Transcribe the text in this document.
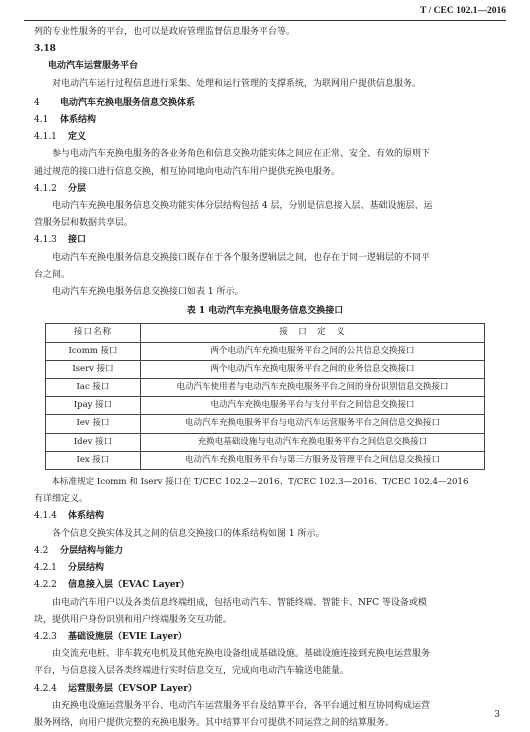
T / CEC 102.1—2016

列的专业性服务的平台，也可以是政府管理监督信息服务平台等。

3.18

电动汽车运营服务平台

对电动汽车运行过程信息进行采集、处理和运行管理的支撑系统，为联网用户提供信息服务。

4 电动汽车充换电服务信息交换体系

4.1 体系结构

4.1.1 定义

参与电动汽车充换电服务的各业务角色和信息交换功能实体之间应在正常、安全、有效的原则下

通过规范的接口进行信息交换，相互协同地向电动汽车用户提供充换电服务。

4.1.2 分层

电动汽车充换电服务信息交换功能实体分层结构包括 4 层，分别是信息接入层、基础设施层、运

营服务层和数据共享层。

4.1.3 接口

电动汽车充换电服务信息交换接口既存在于各个服务逻辑层之间，也存在于同一逻辑层的不同平

台之间。

电动汽车充换电服务信息交换接口如表 1 所示。

表 1 电动汽车充换电服务信息交换接口

接口名称	接　口　定　义
Icomm 接口	两个电动汽车充换电服务平台之间的公共信息交换接口
Iserv 接口	两个电动汽车充换电服务平台之间的业务信息交换接口
Iac 接口	电动汽车使用者与电动汽车充换电服务平台之间的身份识别信息交换接口
Ipay 接口	电动汽车充换电服务平台与支付平台之间信息交换接口
Iev 接口	电动汽车充换电服务平台与电动汽车运营服务平台之间信息交换接口
Idev 接口	充换电基础设施与电动汽车充换电服务平台之间信息交换接口
Iex 接口	电动汽车充换电服务平台与第三方服务及管理平台之间信息交换接口

本标准规定 Icomm 和 Iserv 接口在 T/CEC 102.2—2016、T/CEC 102.3—2016、T/CEC 102.4—2016

有详细定义。

4.1.4 体系结构

各个信息交换实体及其之间的信息交换接口的体系结构如图 1 所示。

4.2 分层结构与能力

4.2.1 分层结构

4.2.2 信息接入层（EVAC Layer）

由电动汽车用户以及各类信息终端组成，包括电动汽车、智能终端、智能卡、NFC 等设备或模

块，提供用户身份识别和用户终端服务交互功能。

4.2.3 基础设施层（EVIE Layer）

由交流充电桩、非车载充电机及其他充换电设备组成基础设施。基础设施连接到充换电运营服务

平台，与信息接入层各类终端进行实时信息交互，完成向电动汽车输送电能量。

4.2.4 运营服务层（EVSOP Layer）

由充换电设施运营服务平台、电动汽车运营服务平台及结算平台，各平台通过相互协同构成运营

服务网络，向用户提供完整的充换电服务。其中结算平台可提供不同运营之间的结算服务。

3
